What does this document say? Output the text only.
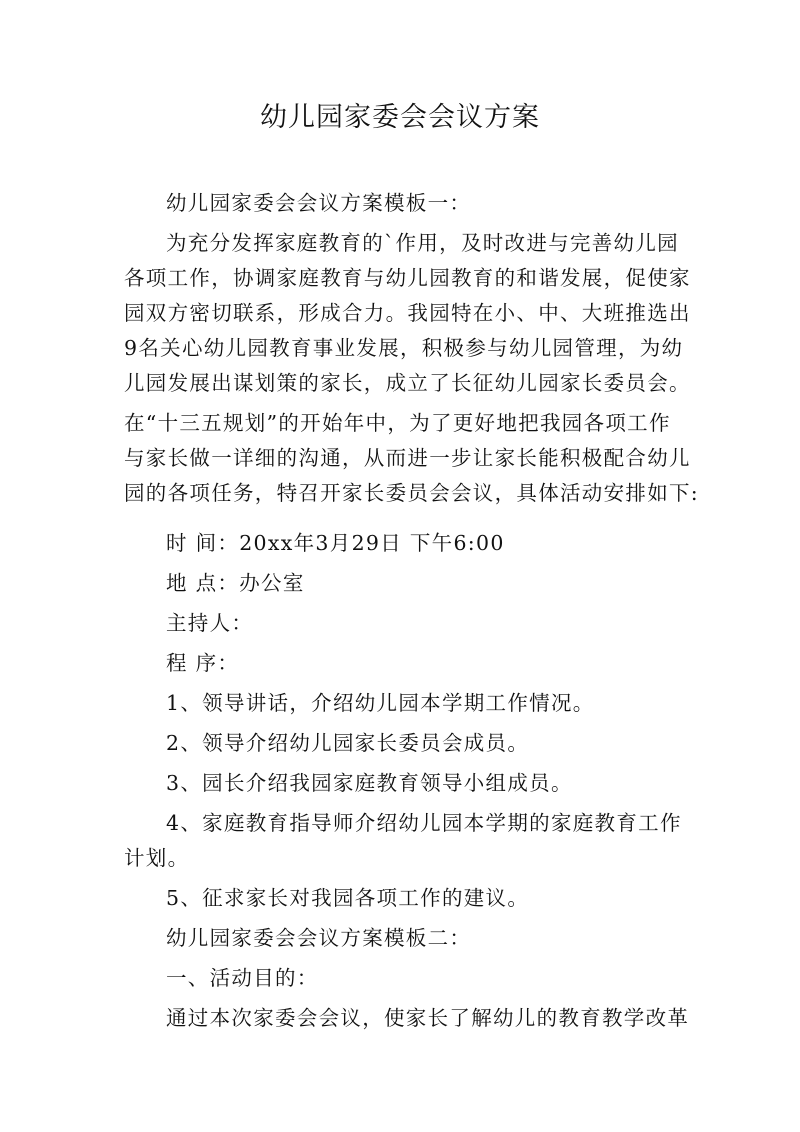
幼儿园家委会会议方案
幼儿园家委会会议方案模板一：
为充分发挥家庭教育的`作用，及时改进与完善幼儿园
各项工作，协调家庭教育与幼儿园教育的和谐发展，促使家
园双方密切联系，形成合力。我园特在小、中、大班推选出
9名关心幼儿园教育事业发展，积极参与幼儿园管理，为幼
儿园发展出谋划策的家长，成立了长征幼儿园家长委员会。
在“十三五规划”的开始年中，为了更好地把我园各项工作
与家长做一详细的沟通，从而进一步让家长能积极配合幼儿
园的各项任务，特召开家长委员会会议，具体活动安排如下:
时 间：20xx年3月29日 下午6:00
地 点：办公室
主持人：
程 序：
1、领导讲话，介绍幼儿园本学期工作情况。
2、领导介绍幼儿园家长委员会成员。
3、园长介绍我园家庭教育领导小组成员。
4、家庭教育指导师介绍幼儿园本学期的家庭教育工作
计划。
5、征求家长对我园各项工作的建议。
幼儿园家委会会议方案模板二：
一、活动目的：
通过本次家委会会议，使家长了解幼儿的教育教学改革
